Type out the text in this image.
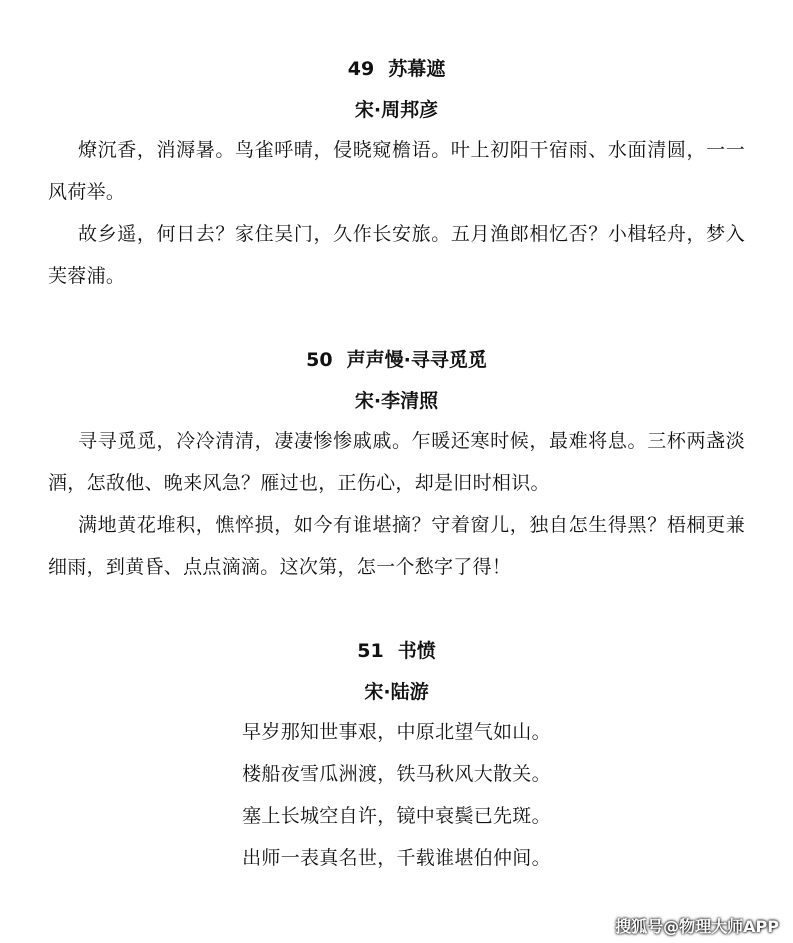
49 苏幕遮
宋·周邦彦

燎沉香，消溽暑。鸟雀呼晴，侵晓窥檐语。叶上初阳干宿雨、水面清圆，一一风荷举。

故乡遥，何日去？家住吴门，久作长安旅。五月渔郎相忆否？小楫轻舟，梦入芙蓉浦。

50 声声慢·寻寻觅觅
宋·李清照

寻寻觅觅，冷冷清清，凄凄惨惨戚戚。乍暖还寒时候，最难将息。三杯两盏淡酒，怎敌他、晚来风急？雁过也，正伤心，却是旧时相识。

满地黄花堆积，憔悴损，如今有谁堪摘？守着窗儿，独自怎生得黑？梧桐更兼细雨，到黄昏、点点滴滴。这次第，怎一个愁字了得！

51 书愤
宋·陆游

早岁那知世事艰，中原北望气如山。

楼船夜雪瓜洲渡，铁马秋风大散关。

塞上长城空自许，镜中衰鬓已先斑。

出师一表真名世，千载谁堪伯仲间。

搜狐号@物理大师APP
